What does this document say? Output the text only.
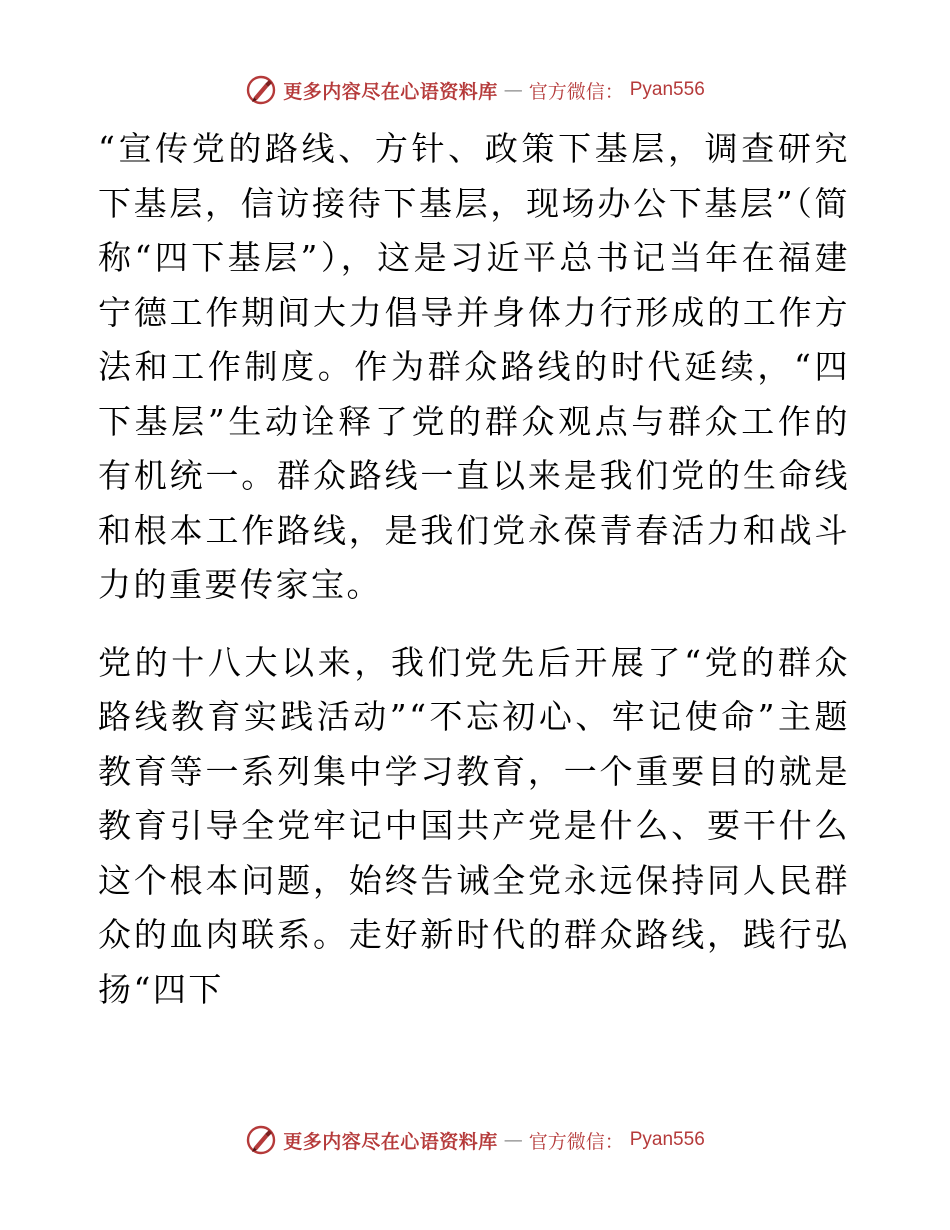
更多内容尽在心语资料库 — 官方微信： Pyan556

“宣传党的路线、方针、政策下基层，调查研究下基层，信访接待下基层，现场办公下基层”（简称“四下基层”），这是习近平总书记当年在福建宁德工作期间大力倡导并身体力行形成的工作方法和工作制度。作为群众路线的时代延续，“四下基层”生动诠释了党的群众观点与群众工作的有机统一。群众路线一直以来是我们党的生命线和根本工作路线，是我们党永葆青春活力和战斗力的重要传家宝。

党的十八大以来，我们党先后开展了“党的群众路线教育实践活动”“不忘初心、牢记使命”主题教育等一系列集中学习教育，一个重要目的就是教育引导全党牢记中国共产党是什么、要干什么这个根本问题，始终告诫全党永远保持同人民群众的血肉联系。走好新时代的群众路线，践行弘扬“四下

更多内容尽在心语资料库 — 官方微信： Pyan556
